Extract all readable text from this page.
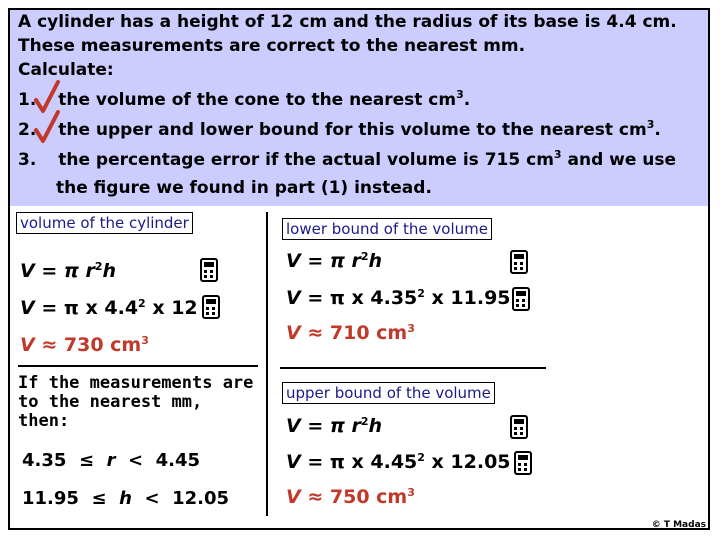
A cylinder has a height of 12 cm and the radius of its base is 4.4 cm.
These measurements are correct to the nearest mm.
Calculate:
1. the volume of the cone to the nearest $cm^3$.
2. the upper and lower bound for this volume to the nearest $cm^3$.
3. the percentage error if the actual volume is 715 $cm^3$ and we use
the figure we found in part (1) instead.
volume of the cylinder
V = π $r^2h$
V = π x $4.4^2$ x 12
V ≈ 730 $cm^3$
If the measurements are to the nearest mm, then:
4.35  ≤  r  <  4.45
11.95  ≤  h  <  12.05
lower bound of the volume
V = π $r^2h$
V = π x 4.35$^2$ x 11.95
V ≈ 710 $cm^3$
upper bound of the volume
V = π $r^2h$
V = π x 4.45$^2$ x 12.05
V ≈ 750 $cm^3$
© T Madas
